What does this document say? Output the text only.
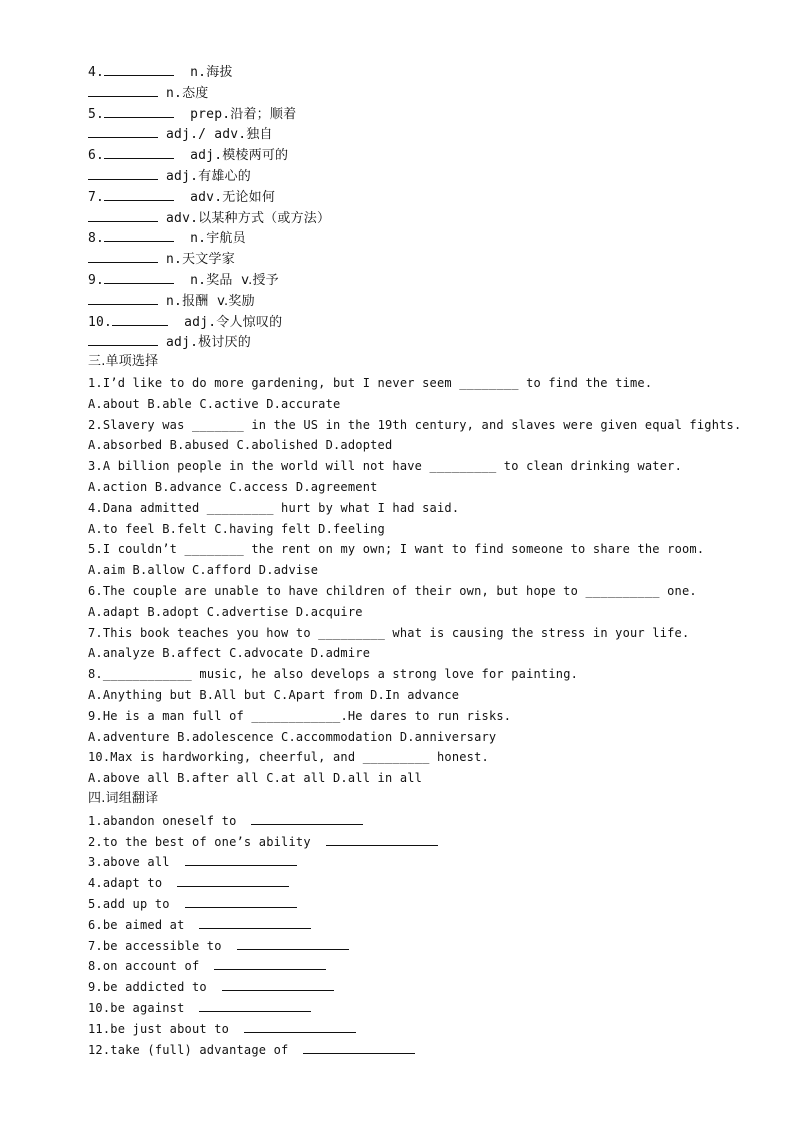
4.	n.海拔
n.态度
5.	prep.沿着；顺着
adj./ adv.独自
6.	adj.模棱两可的
adj.有雄心的
7.	adv.无论如何
adv.以某种方式（或方法）
8.	n.宇航员
n.天文学家
9.	n.奖品  v.授予
n.报酬  v.奖励
10.	adj.令人惊叹的
adj.极讨厌的
三.单项选择
1.I’d like to do more gardening, but I never seem ________ to find the time.
A.about B.able C.active D.accurate
2.Slavery was _______ in the US in the 19th century, and slaves were given equal fights.
A.absorbed B.abused C.abolished D.adopted
3.A billion people in the world will not have _________ to clean drinking water.
A.action B.advance C.access D.agreement
4.Dana admitted _________ hurt by what I had said.
A.to feel B.felt C.having felt D.feeling
5.I couldn’t ________ the rent on my own; I want to find someone to share the room.
A.aim B.allow C.afford D.advise
6.The couple are unable to have children of their own, but hope to __________ one.
A.adapt B.adopt C.advertise D.acquire
7.This book teaches you how to _________ what is causing the stress in your life.
A.analyze B.affect C.advocate D.admire
8.____________ music, he also develops a strong love for painting.
A.Anything but B.All but C.Apart from D.In advance
9.He is a man full of ____________.He dares to run risks.
A.adventure B.adolescence C.accommodation D.anniversary
10.Max is hardworking, cheerful, and _________ honest.
A.above all B.after all C.at all D.all in all
四.词组翻译
1.abandon oneself to
2.to the best of one’s ability
3.above all
4.adapt to
5.add up to
6.be aimed at
7.be accessible to
8.on account of
9.be addicted to
10.be against
11.be just about to
12.take (full) advantage of
